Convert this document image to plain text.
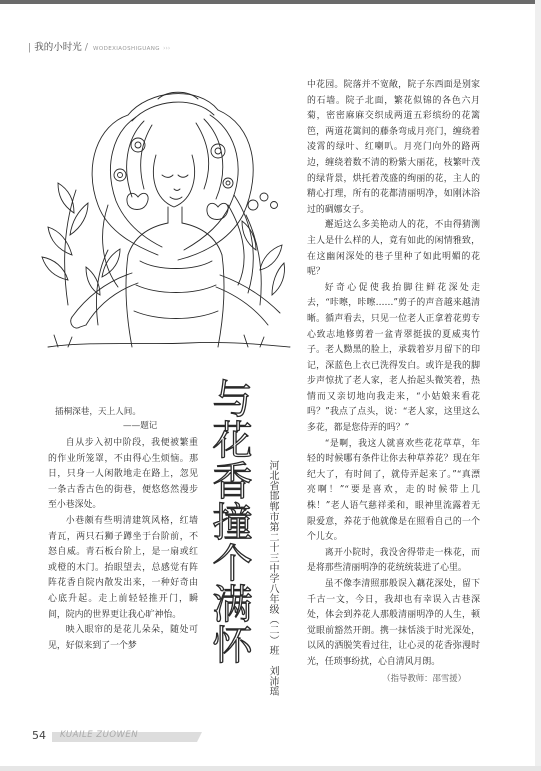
| 我的小时光 / WODEXIAOSHIGUANG ›››
与花香撞个满怀 河北省邯郸市第二十三中学八年级（二）班刘沛瑶
插桐深巷，天上人间。
——题记

自从步入初中阶段，我便被繁重的作业所笼罩，不由得心生烦恼。那日，只身一人闲散地走在路上，忽见一条古香古色的街巷，便悠悠然漫步至小巷深处。

小巷颇有些明清建筑风格，红墙青瓦，两只石狮子蹲坐于台阶前，不怒自威。青石板台阶上，是一扇或红或橙的木门。抬眼望去，总感觉有阵阵花香自院内散发出来，一种好奇由心底升起。走上前轻轻推开门，瞬间，院内的世界更让我心旷神怡。

映入眼帘的是花儿朵朵，随处可见，好似来到了一个梦

中花园。院落并不宽敞，院子东西面是别家的石墙。院子北面，繁花似锦的各色六月菊，密密麻麻交织成两道五彩缤纷的花篱笆，两道花篱间的藤条弯成月亮门，缠绕着凌霄的绿叶、红喇叭。月亮门向外的路两边，缠绕着数不清的粉紫大丽花，枝繁叶茂的绿背景，烘托着茂盛的绚丽的花，主人的精心打理，所有的花都清丽明净，如刚沐浴过的碉娜女子。

邂逅这么多美艳动人的花，不由得猜测主人是什么样的人，竟有如此的闲情雅致，在这幽闲深处的巷子里种了如此明媚的花呢？

好奇心促使我抬脚往鲜花深处走去，“咔嚓，咔嚓……”剪子的声音越来越清晰。循声看去，只见一位老人正拿着花剪专心致志地修剪着一盆青翠挺拔的夏威夷竹子。老人黝黑的脸上，承载着岁月留下的印记，深蓝色上衣已洗得发白。或许是我的脚步声惊扰了老人家，老人抬起头微笑着，热情而又亲切地向我走来，“小姑娘来看花吗？”我点了点头，说：“老人家，这里这么多花，都是您侍弄的吗？”

“是啊，我这人就喜欢些花花草草，年轻的时候哪有条件让你去种草养花？现在年纪大了，有时间了，就侍弄起来了。”“真漂亮啊！”“要是喜欢，走的时候带上几株！”老人语气慈祥柔和，眼神里流露着无限爱意，养花于他就像是在照看自己的一个个儿女。

离开小院时，我没舍得带走一株花，而是将那些清丽明净的花统统装进了心里。

虽不像李清照那般误入藕花深处，留下千古一文，今日，我却也有幸误入古巷深处，体会到养花人那般清丽明净的人生，顿觉眼前豁然开朗。携一抹恬淡于时光深处，以风的洒脱笑看过往，让心灵的花香弥漫时光，任琐事纷扰，心自清风月朗。

（指导教师：邵雪援）

54 KUAILE ZUOWEN
